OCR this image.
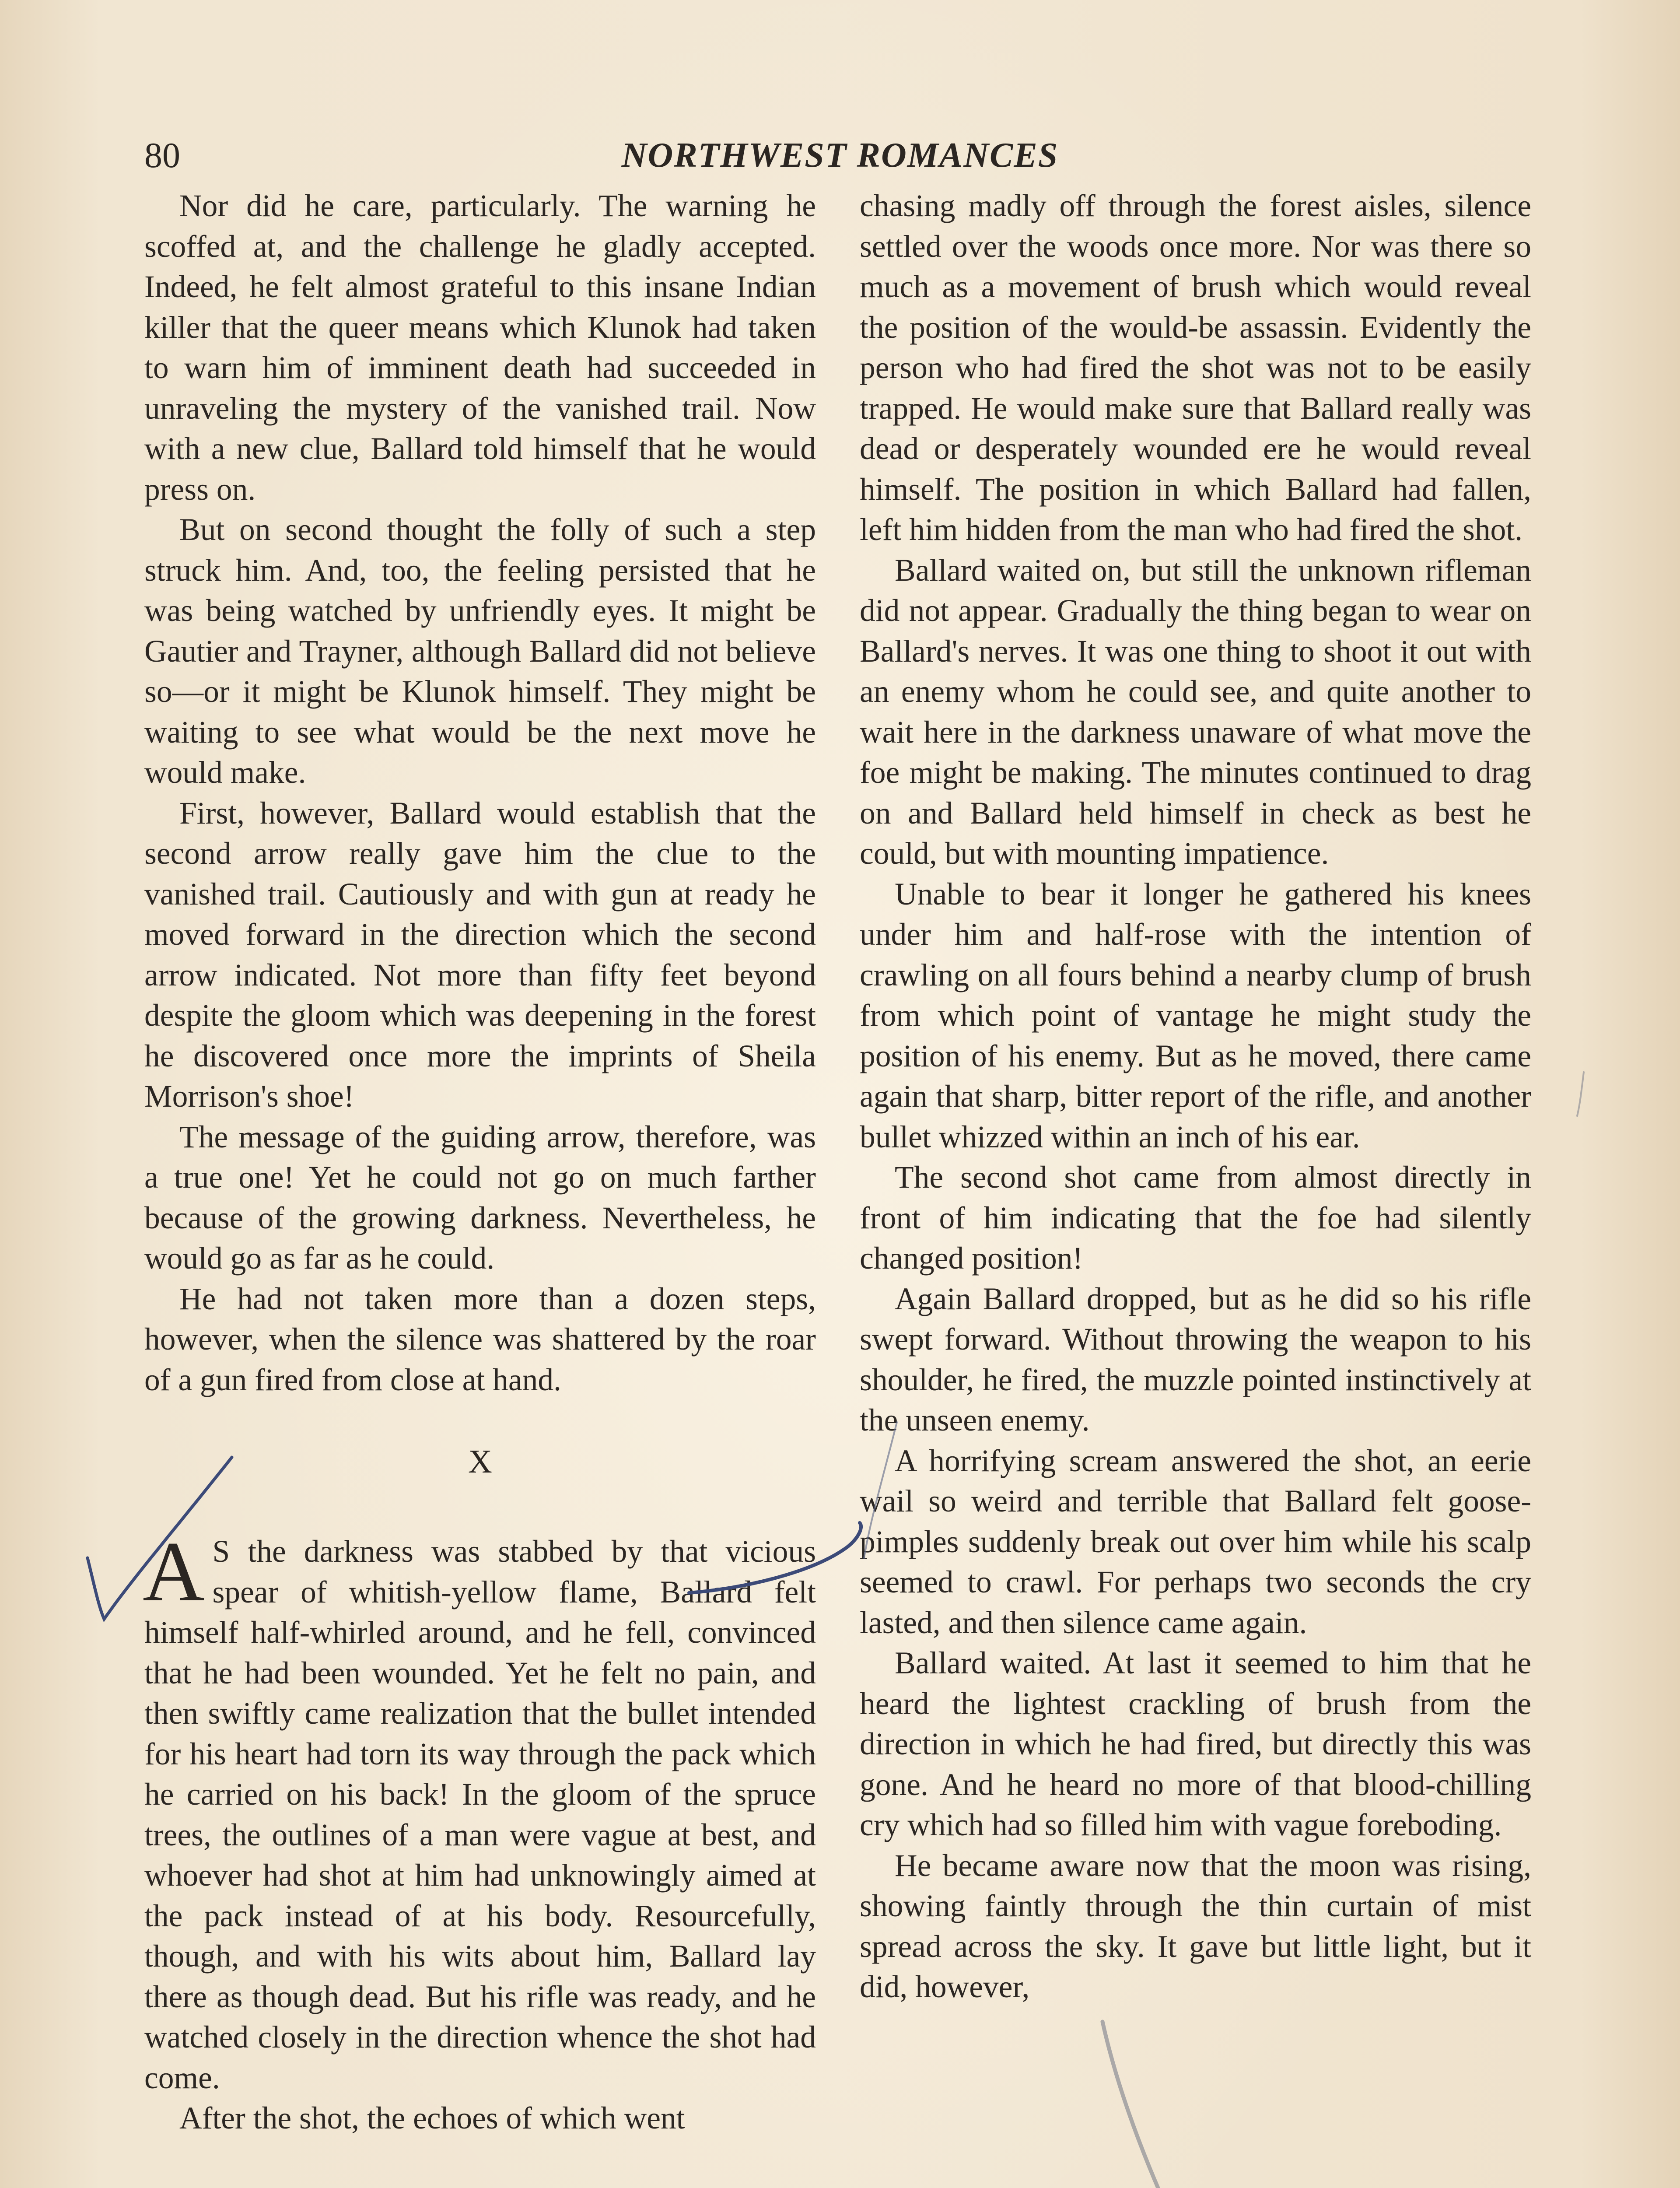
80	NORTHWEST ROMANCES

Nor did he care, particularly. The warning he scoffed at, and the challenge he gladly accepted. Indeed, he felt almost grateful to this insane Indian killer that the queer means which Klunok had taken to warn him of imminent death had succeeded in unraveling the mystery of the vanished trail. Now with a new clue, Ballard told himself that he would press on.

But on second thought the folly of such a step struck him. And, too, the feeling persisted that he was being watched by unfriendly eyes. It might be Gautier and Trayner, although Ballard did not believe so—or it might be Klunok himself. They might be waiting to see what would be the next move he would make.

First, however, Ballard would establish that the second arrow really gave him the clue to the vanished trail. Cautiously and with gun at ready he moved forward in the direction which the second arrow indicated. Not more than fifty feet beyond despite the gloom which was deepening in the forest he discovered once more the imprints of Sheila Morrison's shoe!

The message of the guiding arrow, therefore, was a true one! Yet he could not go on much farther because of the growing darkness. Nevertheless, he would go as far as he could.

He had not taken more than a dozen steps, however, when the silence was shattered by the roar of a gun fired from close at hand.

X

A S the darkness was stabbed by that vicious spear of whitish-yellow flame, Ballard felt himself half-whirled around, and he fell, convinced that he had been wounded. Yet he felt no pain, and then swiftly came realization that the bullet intended for his heart had torn its way through the pack which he carried on his back! In the gloom of the spruce trees, the outlines of a man were vague at best, and whoever had shot at him had unknowingly aimed at the pack instead of at his body. Resourcefully, though, and with his wits about him, Ballard lay there as though dead. But his rifle was ready, and he watched closely in the direction whence the shot had come.

After the shot, the echoes of which went

chasing madly off through the forest aisles, silence settled over the woods once more. Nor was there so much as a movement of brush which would reveal the position of the would-be assassin. Evidently the person who had fired the shot was not to be easily trapped. He would make sure that Ballard really was dead or desperately wounded ere he would reveal himself. The position in which Ballard had fallen, left him hidden from the man who had fired the shot.

Ballard waited on, but still the unknown rifleman did not appear. Gradually the thing began to wear on Ballard's nerves. It was one thing to shoot it out with an enemy whom he could see, and quite another to wait here in the darkness unaware of what move the foe might be making. The minutes continued to drag on and Ballard held himself in check as best he could, but with mounting impatience.

Unable to bear it longer he gathered his knees under him and half-rose with the intention of crawling on all fours behind a nearby clump of brush from which point of vantage he might study the position of his enemy. But as he moved, there came again that sharp, bitter report of the rifle, and another bullet whizzed within an inch of his ear.

The second shot came from almost directly in front of him indicating that the foe had silently changed position!

Again Ballard dropped, but as he did so his rifle swept forward. Without throwing the weapon to his shoulder, he fired, the muzzle pointed instinctively at the unseen enemy.

A horrifying scream answered the shot, an eerie wail so weird and terrible that Ballard felt goose-pimples suddenly break out over him while his scalp seemed to crawl. For perhaps two seconds the cry lasted, and then silence came again.

Ballard waited. At last it seemed to him that he heard the lightest crackling of brush from the direction in which he had fired, but directly this was gone. And he heard no more of that blood-chilling cry which had so filled him with vague foreboding.

He became aware now that the moon was rising, showing faintly through the thin curtain of mist spread across the sky. It gave but little light, but it did, however,
